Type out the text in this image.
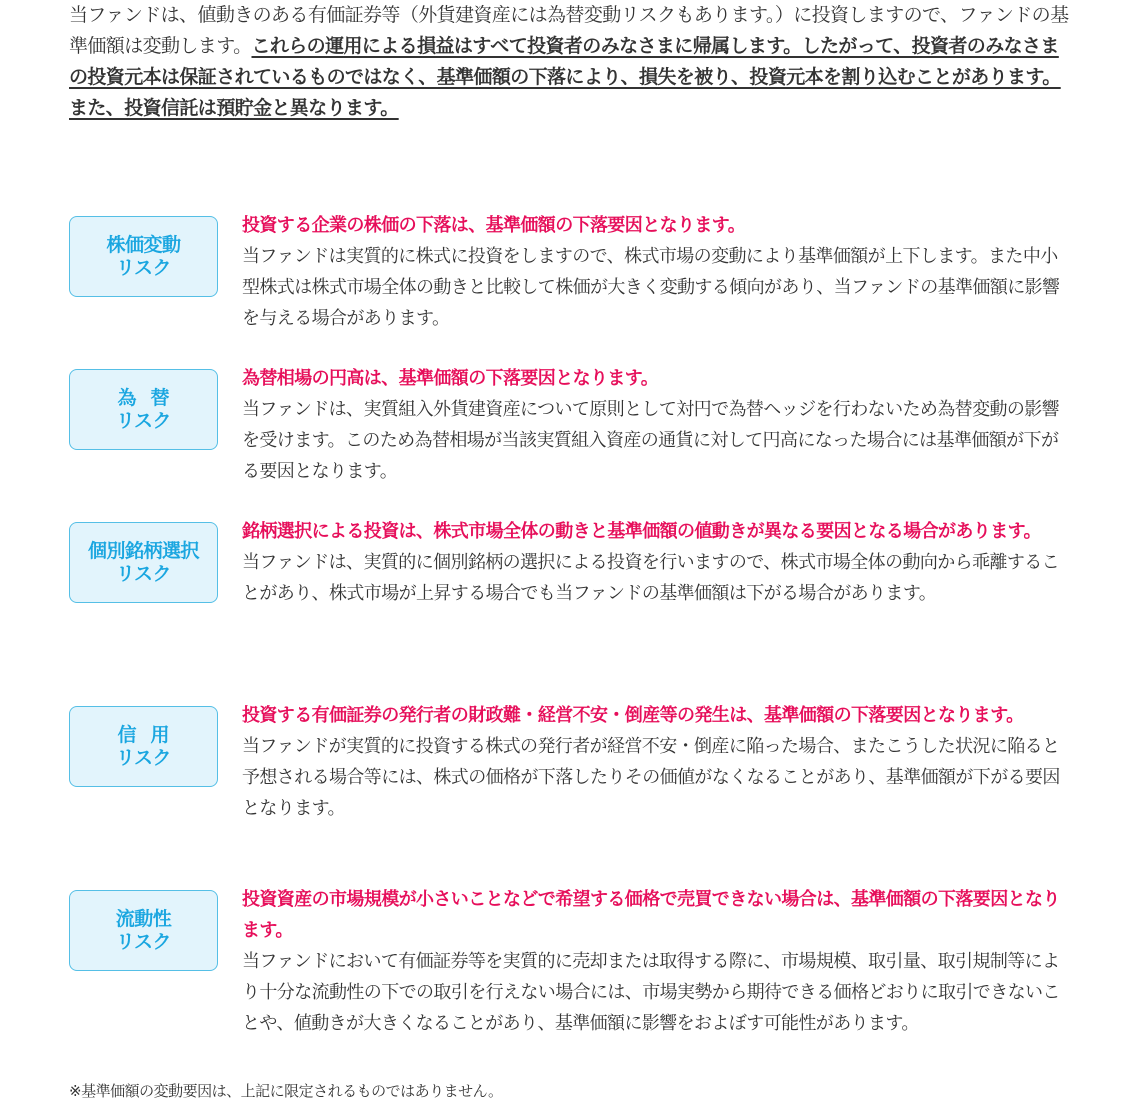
当ファンドは、値動きのある有価証券等（外貨建資産には為替変動リスクもあります。）に投資しますので、ファンドの基準価額は変動します。これらの運用による損益はすべて投資者のみなさまに帰属します。したがって、投資者のみなさまの投資元本は保証されているものではなく、基準価額の下落により、損失を被り、投資元本を割り込むことがあります。
また、投資信託は預貯金と異なります。
株価変動
リスク
投資する企業の株価の下落は、基準価額の下落要因となります。
当ファンドは実質的に株式に投資をしますので、株式市場の変動により基準価額が上下します。また中小型株式は株式市場全体の動きと比較して株価が大きく変動する傾向があり、当ファンドの基準価額に影響を与える場合があります。
為替
リスク
為替相場の円高は、基準価額の下落要因となります。
当ファンドは、実質組入外貨建資産について原則として対円で為替ヘッジを行わないため為替変動の影響を受けます。このため為替相場が当該実質組入資産の通貨に対して円高になった場合には基準価額が下がる要因となります。
個別銘柄選択
リスク
銘柄選択による投資は、株式市場全体の動きと基準価額の値動きが異なる要因となる場合があります。
当ファンドは、実質的に個別銘柄の選択による投資を行いますので、株式市場全体の動向から乖離することがあり、株式市場が上昇する場合でも当ファンドの基準価額は下がる場合があります。
信用
リスク
投資する有価証券の発行者の財政難・経営不安・倒産等の発生は、基準価額の下落要因となります。
当ファンドが実質的に投資する株式の発行者が経営不安・倒産に陥った場合、またこうした状況に陥ると予想される場合等には、株式の価格が下落したりその価値がなくなることがあり、基準価額が下がる要因となります。
流動性
リスク
投資資産の市場規模が小さいことなどで希望する価格で売買できない場合は、基準価額の下落要因となります。
当ファンドにおいて有価証券等を実質的に売却または取得する際に、市場規模、取引量、取引規制等により十分な流動性の下での取引を行えない場合には、市場実勢から期待できる価格どおりに取引できないことや、値動きが大きくなることがあり、基準価額に影響をおよぼす可能性があります。
※基準価額の変動要因は、上記に限定されるものではありません。
